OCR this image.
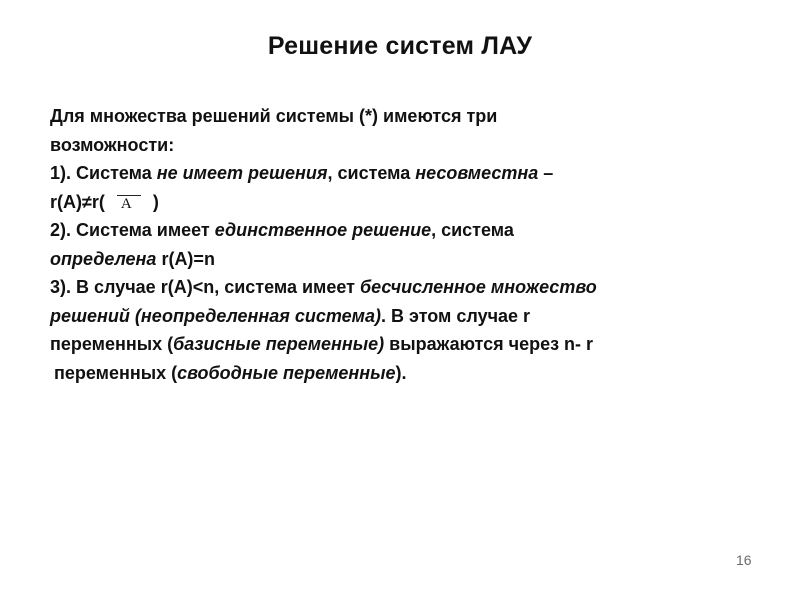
Решение систем ЛАУ
Для множества решений системы (*) имеются три
возможности:
1). Система не имеет решения, система несовместна –
r(A)≠r( A )
2). Система имеет единственное решение, система
определена r(A)=n
3). В случае r(A)<n, система имеет бесчисленное множество
решений (неопределенная система). В этом случае r
переменных (базисные переменные) выражаются через n- r
переменных (свободные переменные).
16
